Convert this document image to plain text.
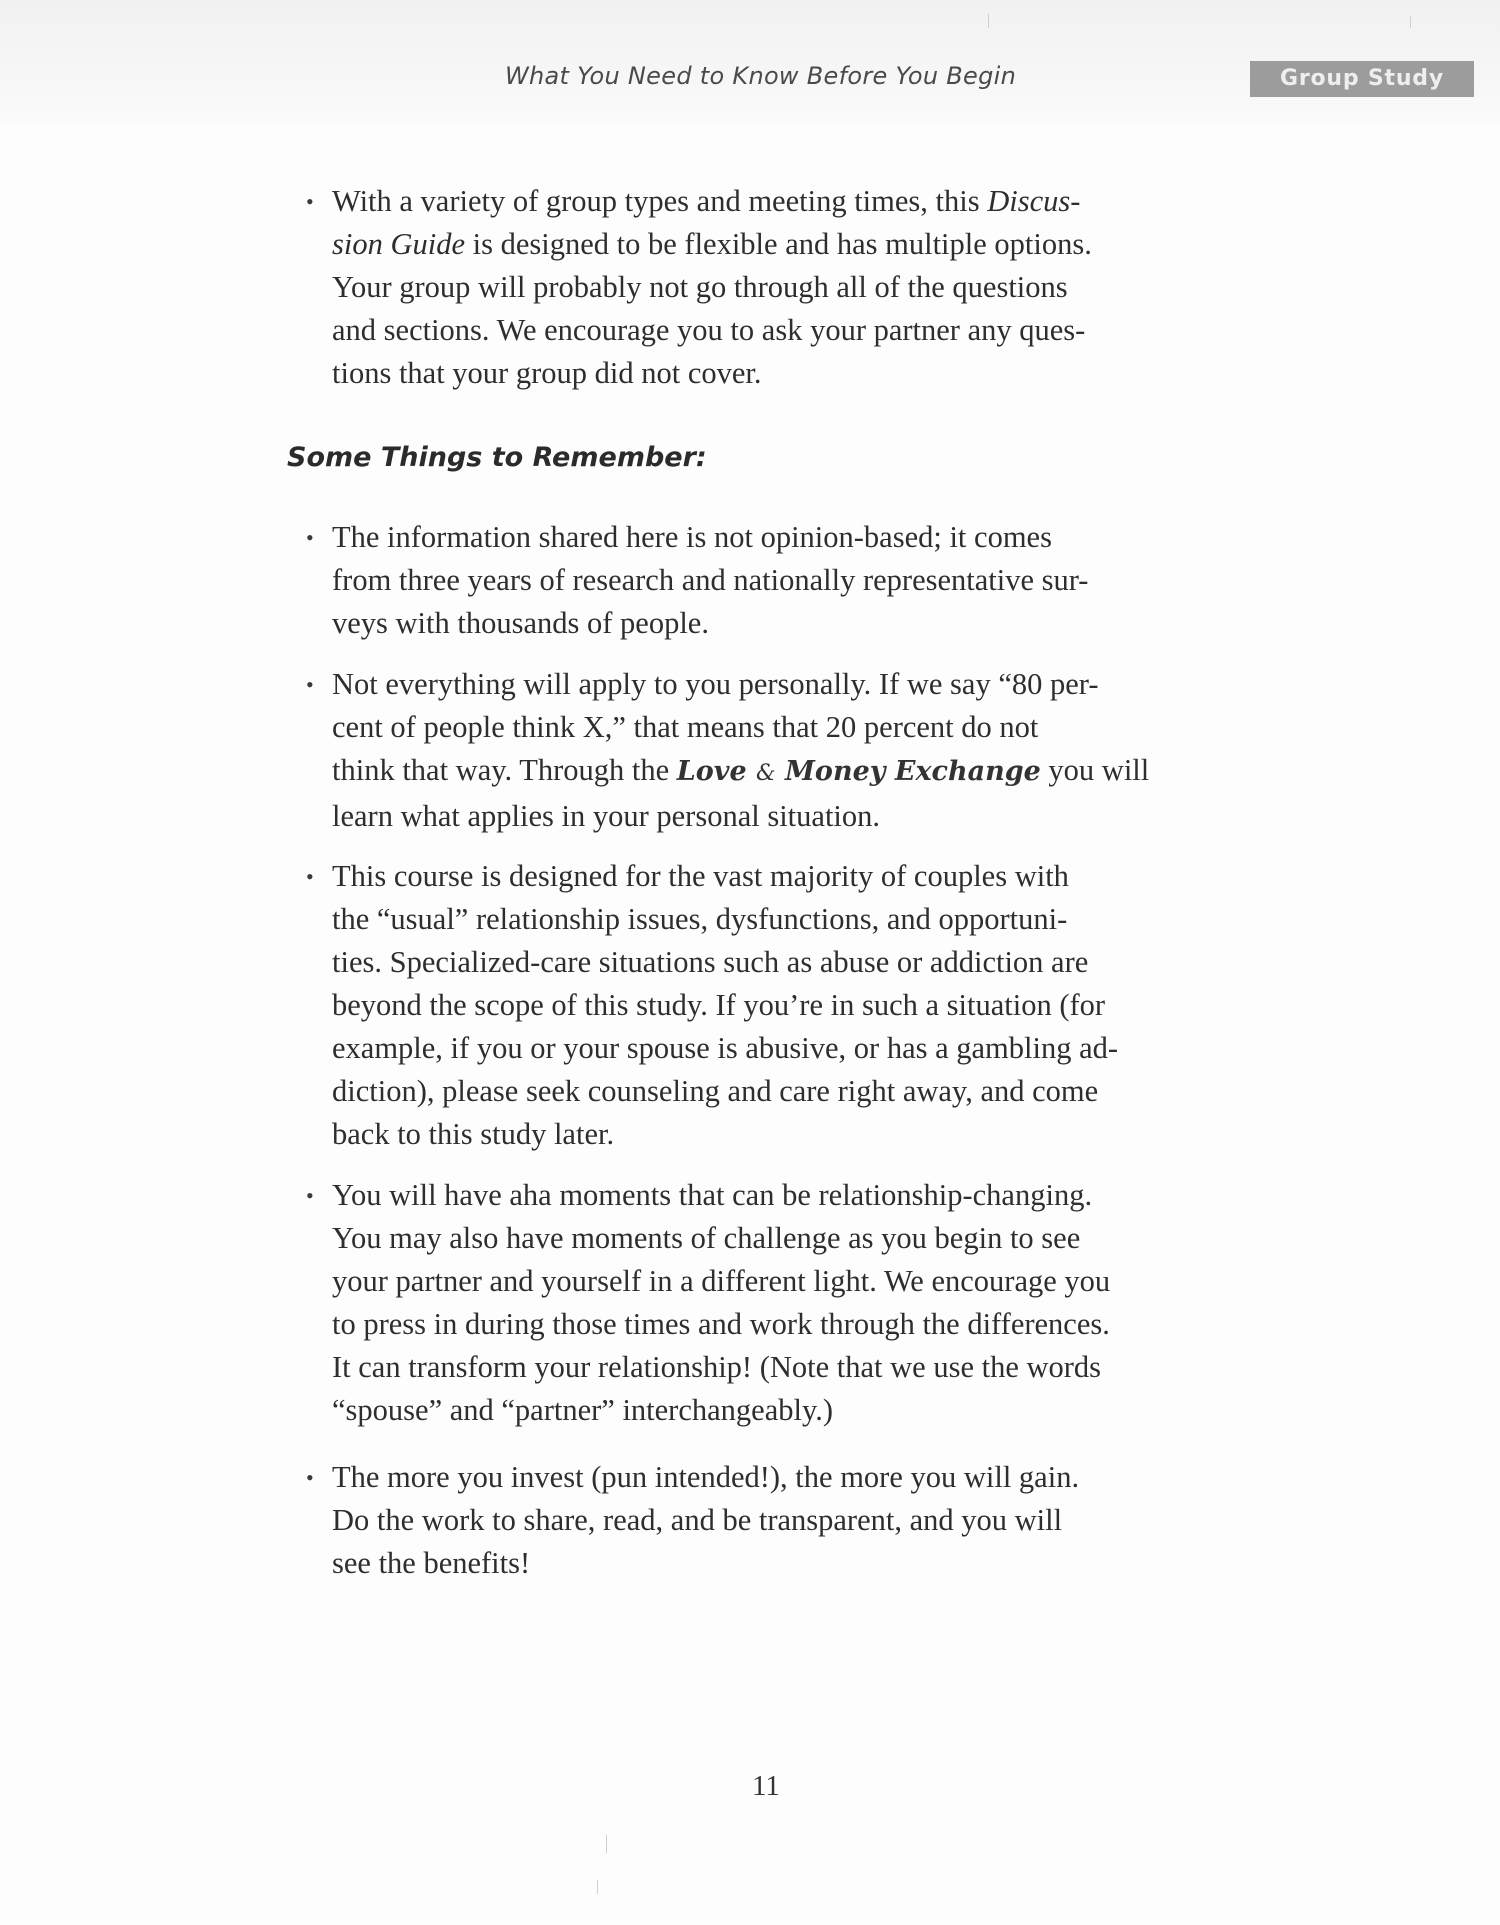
What You Need to Know Before You Begin	Group Study
• With a variety of group types and meeting times, this Discus-
sion Guide is designed to be flexible and has multiple options.
Your group will probably not go through all of the questions
and sections. We encourage you to ask your partner any ques-
tions that your group did not cover.
Some Things to Remember:
• The information shared here is not opinion-based; it comes
from three years of research and nationally representative sur-
veys with thousands of people.
• Not everything will apply to you personally. If we say “80 per-
cent of people think X,” that means that 20 percent do not
think that way. Through the Love & Money Exchange you will
learn what applies in your personal situation.
• This course is designed for the vast majority of couples with
the “usual” relationship issues, dysfunctions, and opportuni-
ties. Specialized-care situations such as abuse or addiction are
beyond the scope of this study. If you’re in such a situation (for
example, if you or your spouse is abusive, or has a gambling ad-
diction), please seek counseling and care right away, and come
back to this study later.
• You will have aha moments that can be relationship-changing.
You may also have moments of challenge as you begin to see
your partner and yourself in a different light. We encourage you
to press in during those times and work through the differences.
It can transform your relationship! (Note that we use the words
“spouse” and “partner” interchangeably.)
• The more you invest (pun intended!), the more you will gain.
Do the work to share, read, and be transparent, and you will
see the benefits!
11
